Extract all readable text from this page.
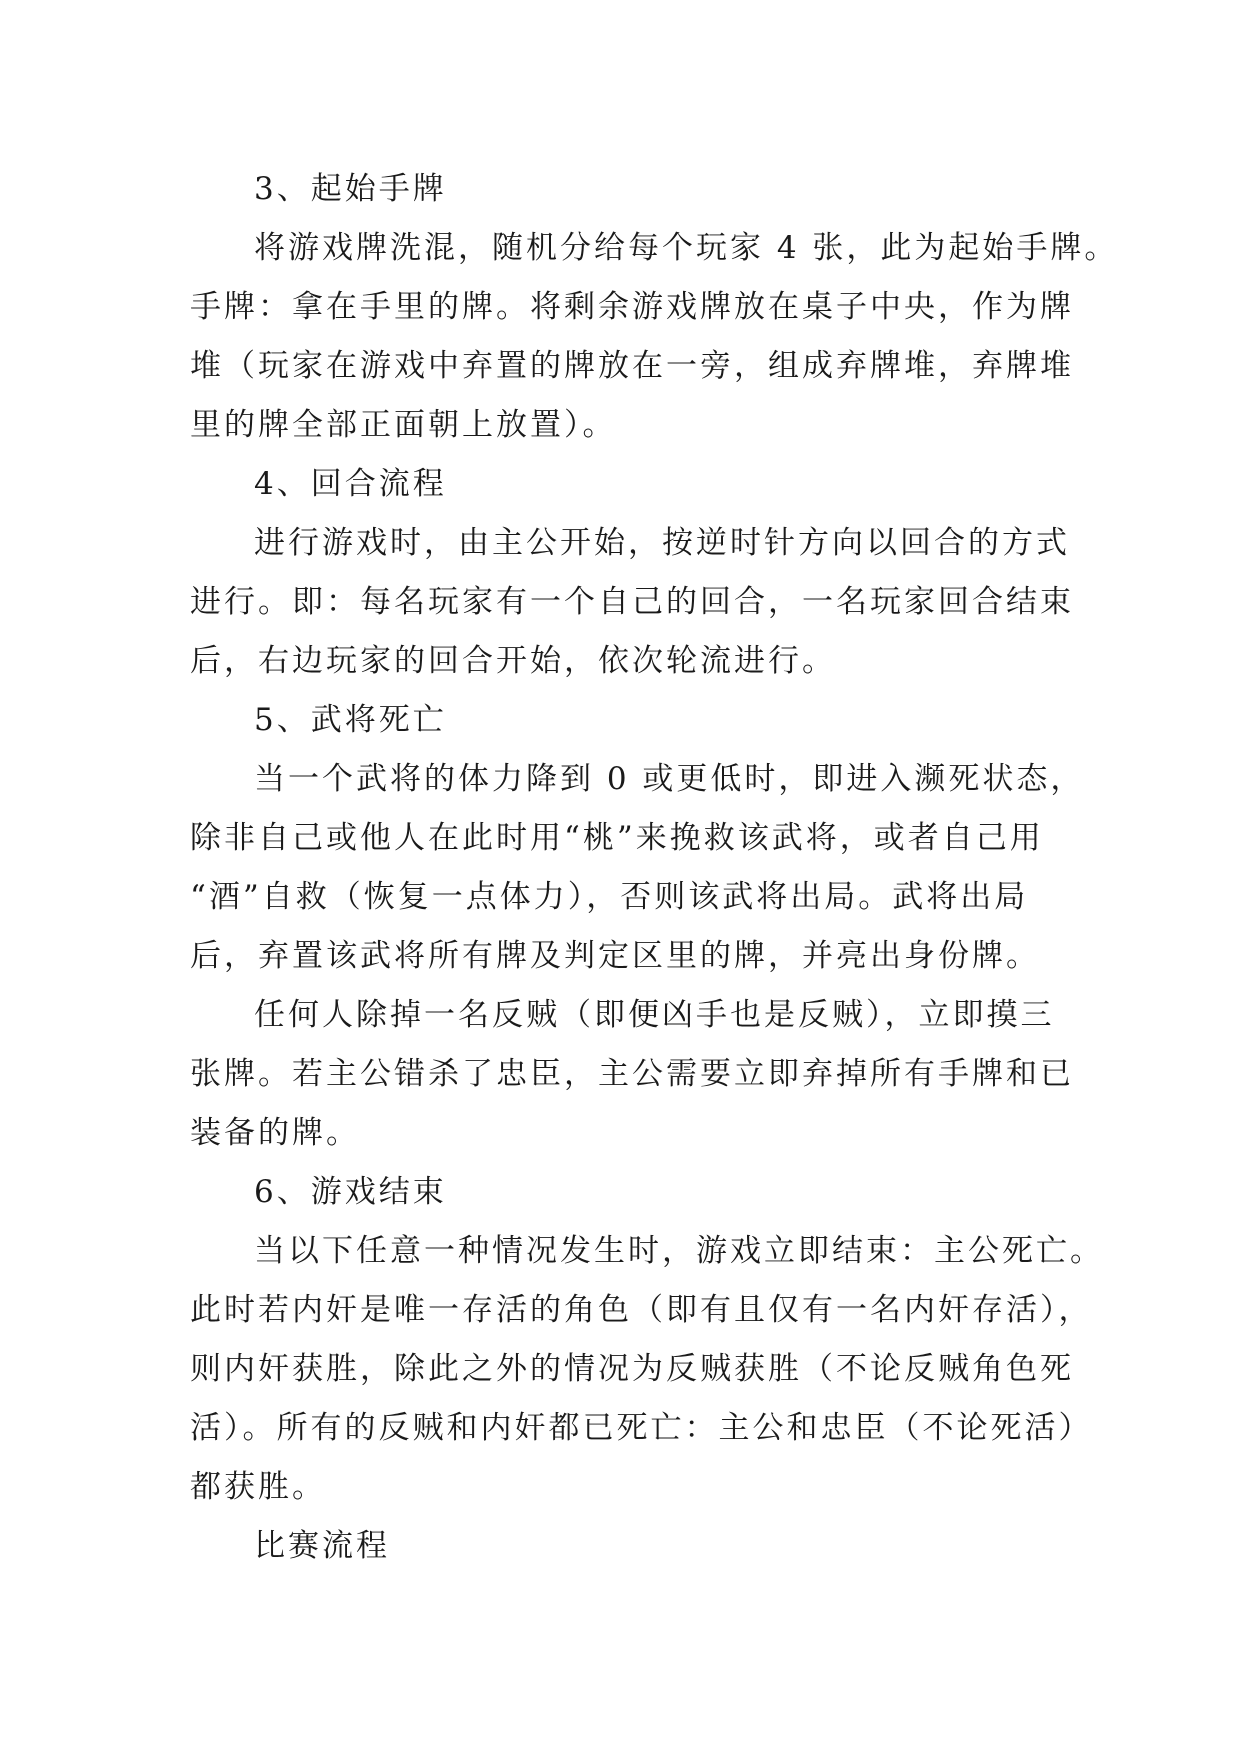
3、起始手牌
将游戏牌洗混，随机分给每个玩家 4 张，此为起始手牌。
手牌：拿在手里的牌。将剩余游戏牌放在桌子中央，作为牌
堆（玩家在游戏中弃置的牌放在一旁，组成弃牌堆，弃牌堆
里的牌全部正面朝上放置）。
4、回合流程
进行游戏时，由主公开始，按逆时针方向以回合的方式
进行。即：每名玩家有一个自己的回合，一名玩家回合结束
后，右边玩家的回合开始，依次轮流进行。
5、武将死亡
当一个武将的体力降到 0 或更低时，即进入濒死状态，
除非自己或他人在此时用“桃”来挽救该武将，或者自己用
“酒”自救（恢复一点体力），否则该武将出局。武将出局
后，弃置该武将所有牌及判定区里的牌，并亮出身份牌。
任何人除掉一名反贼（即便凶手也是反贼），立即摸三
张牌。若主公错杀了忠臣，主公需要立即弃掉所有手牌和已
装备的牌。
6、游戏结束
当以下任意一种情况发生时，游戏立即结束：主公死亡。
此时若内奸是唯一存活的角色（即有且仅有一名内奸存活），
则内奸获胜，除此之外的情况为反贼获胜（不论反贼角色死
活）。所有的反贼和内奸都已死亡：主公和忠臣（不论死活）
都获胜。
比赛流程
